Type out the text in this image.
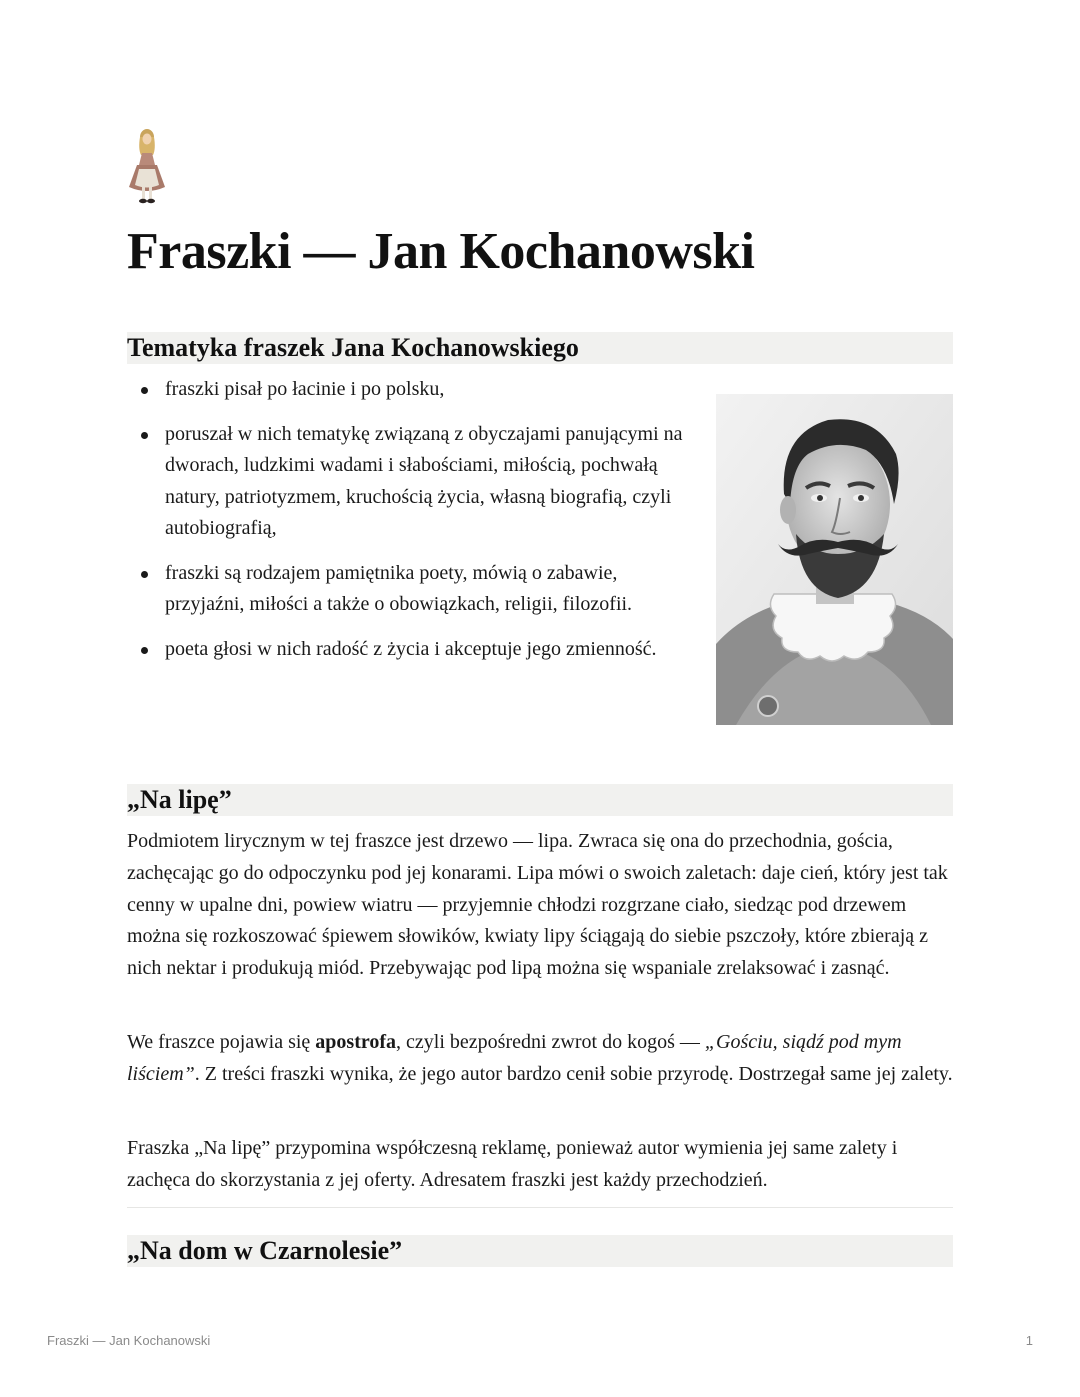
Fraszki — Jan Kochanowski
Tematyka fraszek Jana Kochanowskiego
fraszki pisał po łacinie i po polsku,
poruszał w nich tematykę związaną z obyczajami panującymi na dworach, ludzkimi wadami i słabościami, miłością, pochwałą natury, patriotyzmem, kruchością życia, własną biografią, czyli autobiografią,
fraszki są rodzajem pamiętnika poety, mówią o zabawie, przyjaźni, miłości a także o obowiązkach, religii, filozofii.
poeta głosi w nich radość z życia i akceptuje jego zmienność.
„Na lipę”

Podmiotem lirycznym w tej fraszce jest drzewo — lipa. Zwraca się ona do przechodnia, gościa, zachęcając go do odpoczynku pod jej konarami. Lipa mówi o swoich zaletach: daje cień, który jest tak cenny w upalne dni, powiew wiatru — przyjemnie chłodzi rozgrzane ciało, siedząc pod drzewem można się rozkoszować śpiewem słowików, kwiaty lipy ściągają do siebie pszczoły, które zbierają z nich nektar i produkują miód. Przebywając pod lipą można się wspaniale zrelaksować i zasnąć.

We fraszce pojawia się apostrofa, czyli bezpośredni zwrot do kogoś — „Gościu, siądź pod mym liściem”. Z treści fraszki wynika, że jego autor bardzo cenił sobie przyrodę. Dostrzegał same jej zalety.

Fraszka „Na lipę” przypomina współczesną reklamę, ponieważ autor wymienia jej same zalety i zachęca do skorzystania z jej oferty. Adresatem fraszki jest każdy przechodzień.

„Na dom w Czarnolesie”
Fraszki — Jan Kochanowski	1
